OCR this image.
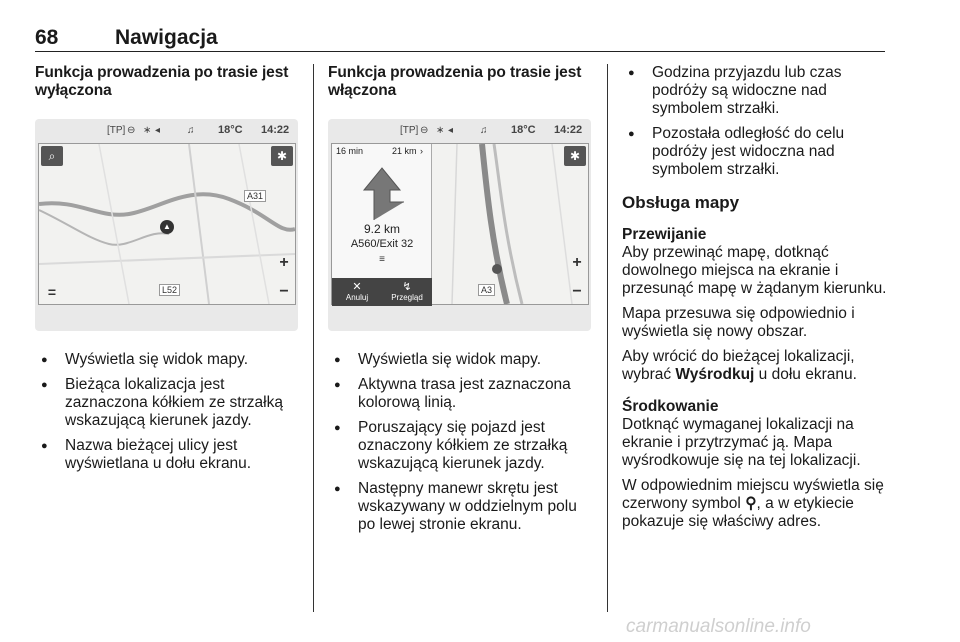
68	Nawigacja
Funkcja prowadzenia po trasie jest wyłączona
[TP] ⊖ ∗ ◂	♫ 18°C 14:22
⌕	✱
A31
▲
+
=	L52	−
● Wyświetla się widok mapy.
● Bieżąca lokalizacja jest zaznaczona kółkiem ze strzałką wskazującą kierunek jazdy.
● Nazwa bieżącej ulicy jest wyświetlana u dołu ekranu.
Funkcja prowadzenia po trasie jest włączona
[TP] ⊖ ∗ ◂	♫ 18°C 14:22
16 min	21 km ›
9.2 km
A560/Exit 32
≡
✕
Anuluj
↯
Przegląd
✱
+
A3	−
● Wyświetla się widok mapy.
● Aktywna trasa jest zaznaczona kolorową linią.
● Poruszający się pojazd jest oznaczony kółkiem ze strzałką wskazującą kierunek jazdy.
● Następny manewr skrętu jest wskazywany w oddzielnym polu po lewej stronie ekranu.
● Godzina przyjazdu lub czas podróży są widoczne nad symbolem strzałki.
● Pozostała odległość do celu podróży jest widoczna nad symbolem strzałki.
Obsługa mapy
Przewijanie

Aby przewinąć mapę, dotknąć dowolnego miejsca na ekranie i przesunąć mapę w żądanym kierunku.

Mapa przesuwa się odpowiednio i wyświetla się nowy obszar.

Aby wrócić do bieżącej lokalizacji, wybrać Wyśrodkuj u dołu ekranu.

Środkowanie

Dotknąć wymaganej lokalizacji na ekranie i przytrzymać ją. Mapa wyśrodkowuje się na tej lokalizacji.

W odpowiednim miejscu wyświetla się czerwony symbol ⚲, a w etykiecie pokazuje się właściwy adres.

carmanualsonline.info
